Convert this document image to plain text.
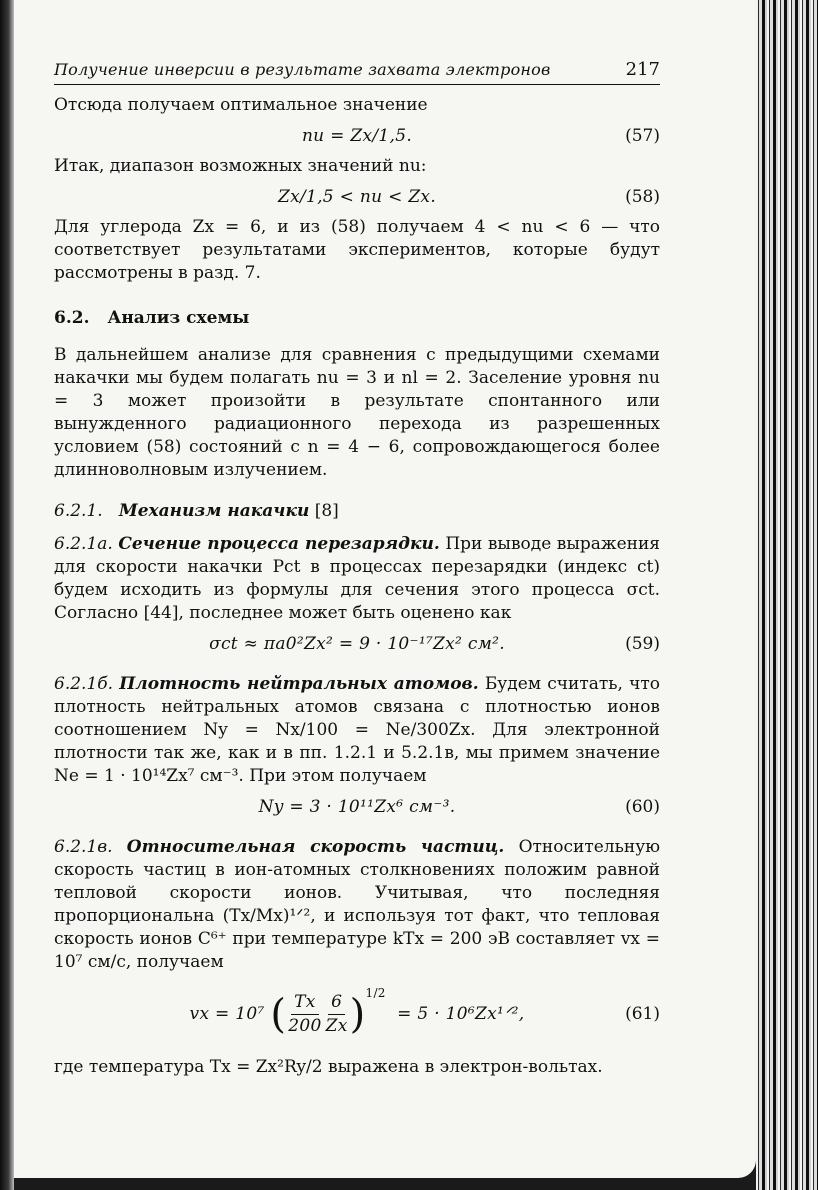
Получение инверсии в результате захвата электронов	217

Отсюда получаем оптимальное значение

nu = Zx/1,5.	(57)

Итак, диапазон возможных значений nu:

Zx/1,5 < nu < Zx.	(58)

Для углерода Zx = 6, и из (58) получаем 4 < nu < 6 — что соответствует результатами экспериментов, которые будут рассмотрены в разд. 7.

6.2. Анализ схемы

В дальнейшем анализе для сравнения с предыдущими схемами накачки мы будем полагать nu = 3 и nl = 2. Заселение уровня nu = 3 может произойти в результате спонтанного или вынужденного радиационного перехода из разрешенных условием (58) состояний с n = 4 − 6, сопровождающегося более длинноволновым излучением.

6.2.1. Механизм накачки [8]

6.2.1а. Сечение процесса перезарядки. При выводе выражения для скорости накачки Pct в процессах перезарядки (индекс ct) будем исходить из формулы для сечения этого процесса σct. Согласно [44], последнее может быть оценено как

σct ≈ πa0²Zx² = 9 · 10⁻¹⁷Zx² см².	(59)

6.2.1б. Плотность нейтральных атомов. Будем считать, что плотность нейтральных атомов связана с плотностью ионов соотношением Ny = Nx/100 = Ne/300Zx. Для электронной плотности так же, как и в пп. 1.2.1 и 5.2.1в, мы примем значение Ne = 1 · 10¹⁴Zx⁷ см⁻³. При этом получаем

Ny = 3 · 10¹¹Zx⁶ см⁻³.	(60)

6.2.1в. Относительная скорость частиц. Относительную скорость частиц в ион-атомных столкновениях положим равной тепловой скорости ионов. Учитывая, что последняя пропорциональна (Tx/Mx)¹ᐟ², и используя тот факт, что тепловая скорость ионов C⁶⁺ при температуре kTx = 200 эВ составляет vx = 10⁷ см/с, получаем

vx = 10⁷ ( $\frac{Tx}{200} \frac{6}{Zx} )^{1/2} = 5$ · 10⁶Zx¹ᐟ²,	(61)

где температура Tx = Zx²Ry/2 выражена в электрон-вольтах.
